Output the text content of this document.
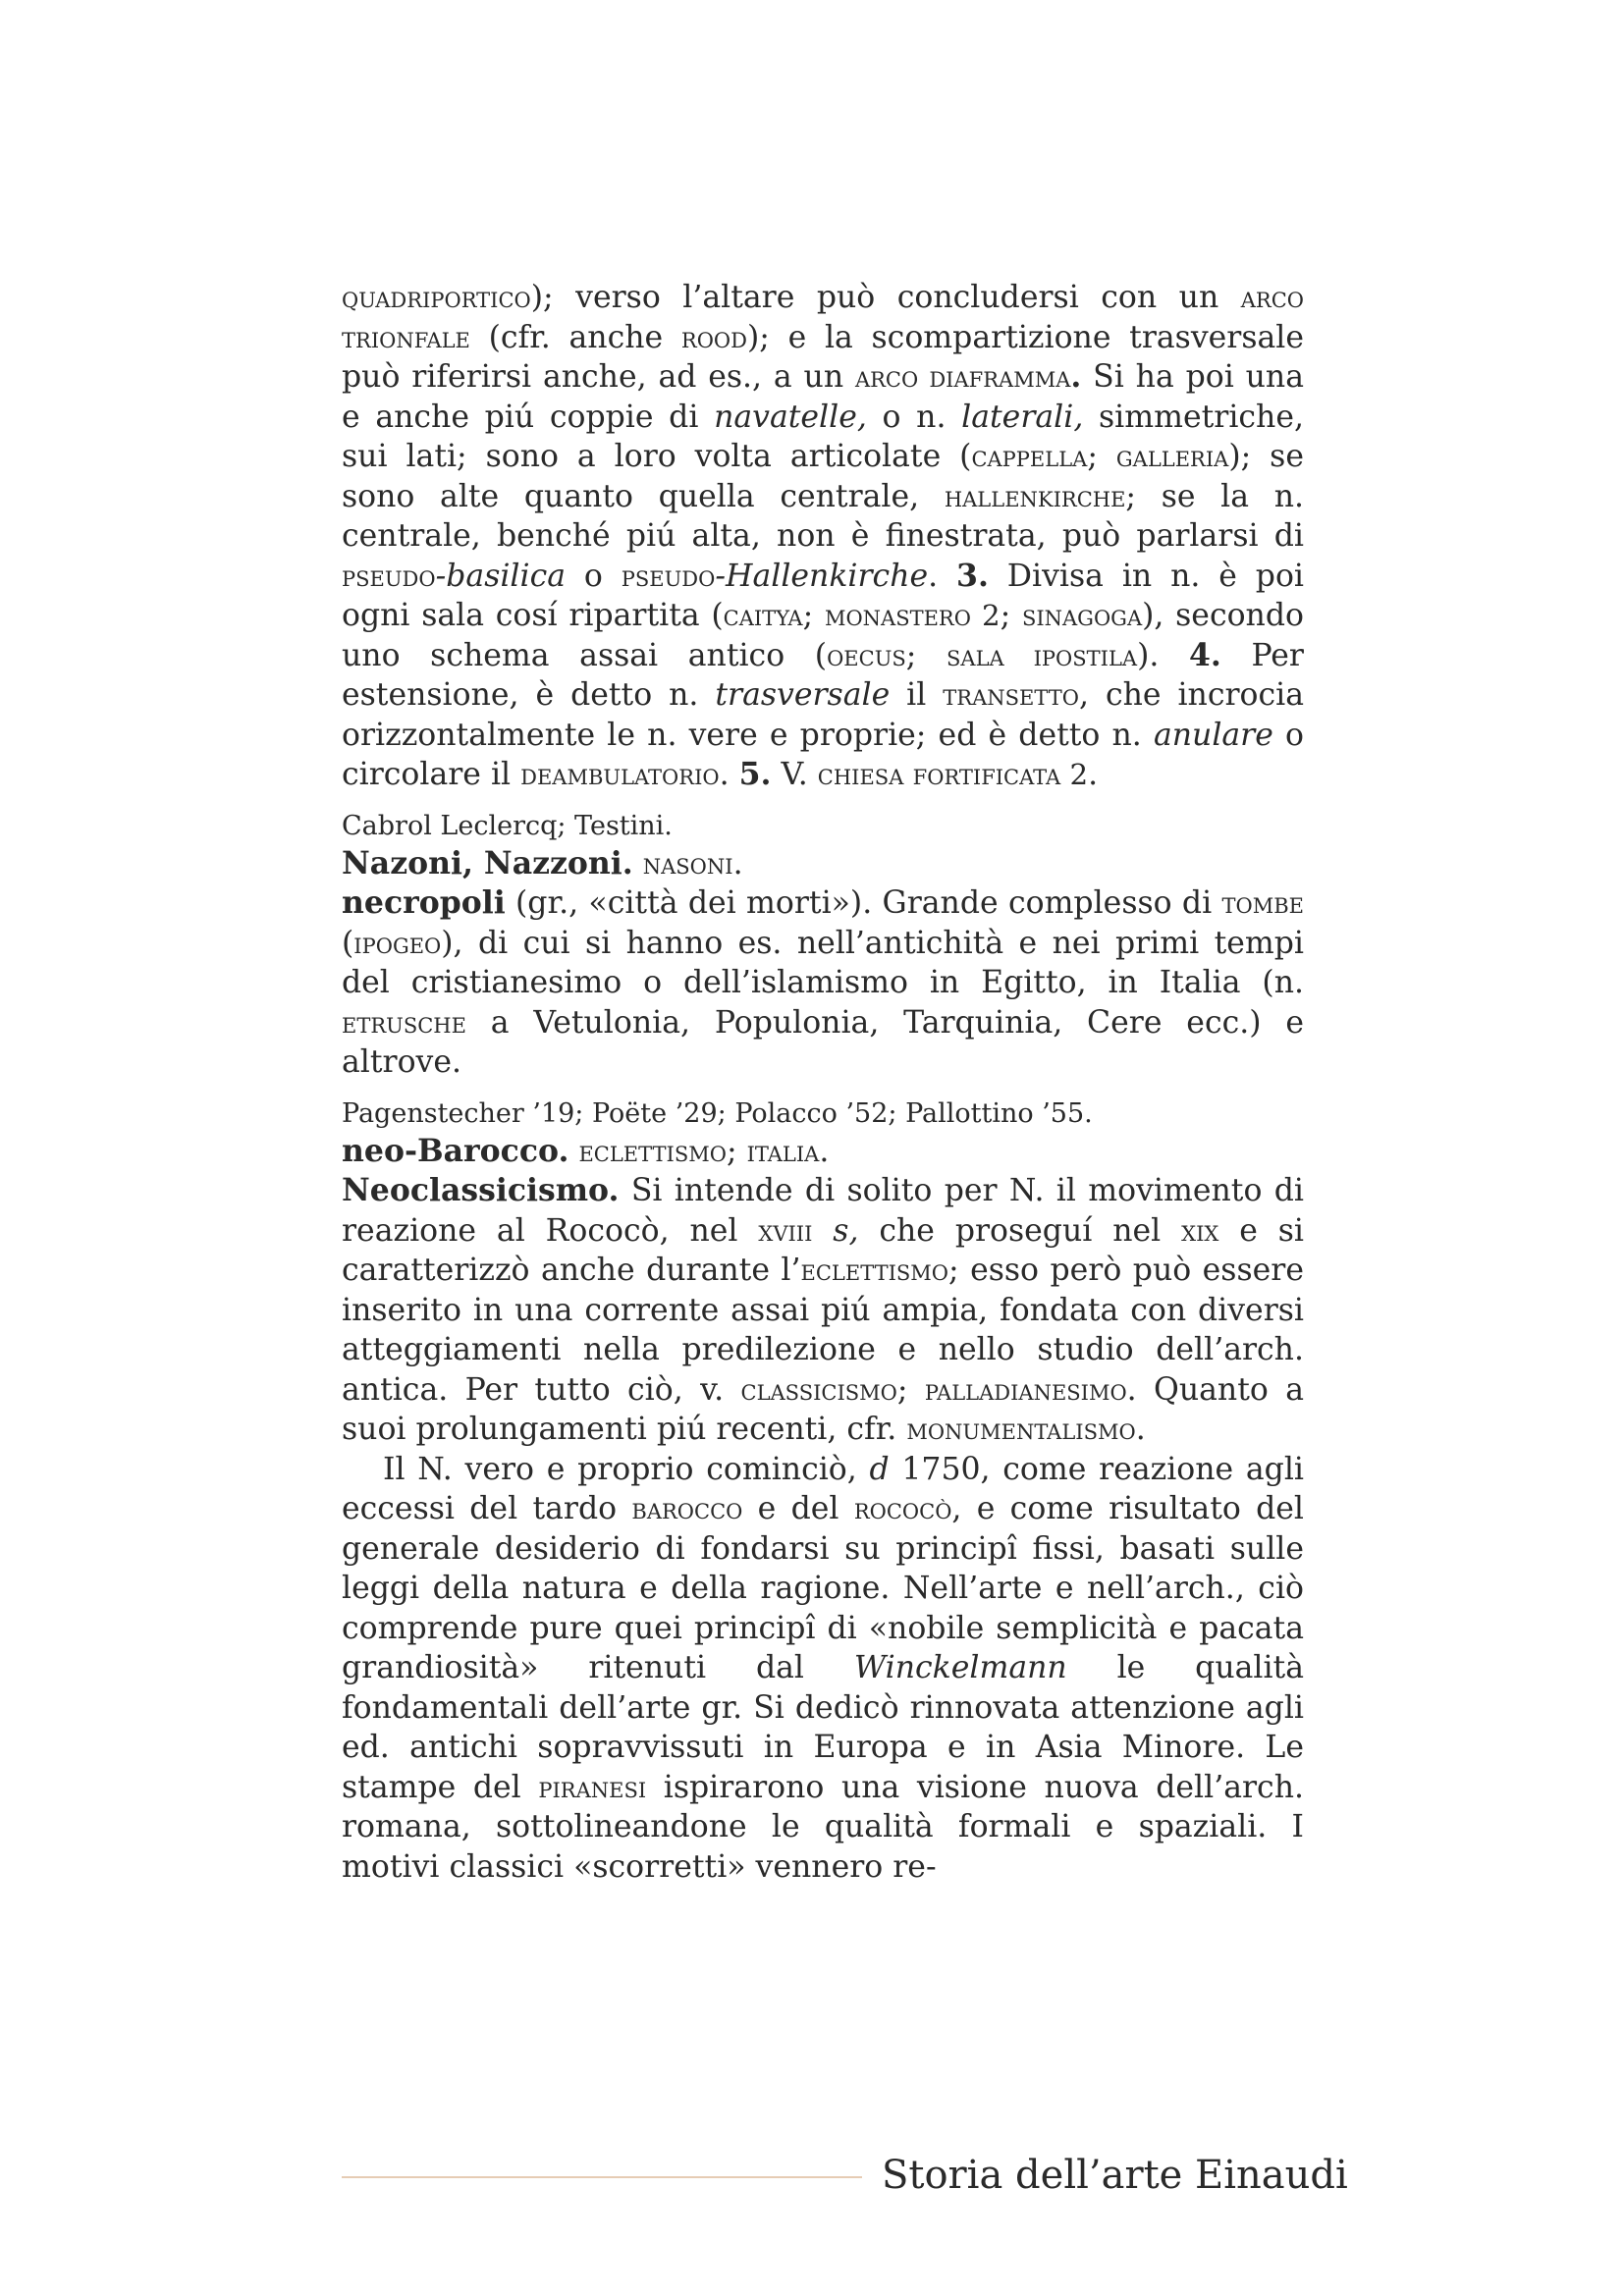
quadriportico); verso l’altare può concludersi con un arco trionfale (cfr. anche rood); e la scompartizione trasversale può riferirsi anche, ad es., a un arco diaframma. Si ha poi una e anche piú coppie di navatelle, o n. laterali, simmetriche, sui lati; sono a loro volta articolate (cappella; galleria); se sono alte quanto quella centrale, hallenkirche; se la n. centrale, benché piú alta, non è finestrata, può parlarsi di pseudo-basilica o pseudo-Hallenkirche. 3. Divisa in n. è poi ogni sala cosí ripartita (caitya; monastero 2; sinagoga), secondo uno schema assai antico (oecus; sala ipostila). 4. Per estensione, è detto n. trasversale il transetto, che incrocia orizzontalmente le n. vere e proprie; ed è detto n. anulare o circolare il deambulatorio. 5. V. chiesa fortificata 2.

Cabrol Leclercq; Testini.

Nazoni, Nazzoni. nasoni.

necropoli (gr., «città dei morti»). Grande complesso di tombe (ipogeo), di cui si hanno es. nell’antichità e nei primi tempi del cristianesimo o dell’islamismo in Egitto, in Italia (n. etrusche a Vetulonia, Populonia, Tarquinia, Cere ecc.) e altrove.

Pagenstecher ’19; Poëte ’29; Polacco ’52; Pallottino ’55.

neo-Barocco. eclettismo; italia.

Neoclassicismo. Si intende di solito per N. il movimento di reazione al Rococò, nel xviii s, che proseguí nel xix e si caratterizzò anche durante l’eclettismo; esso però può essere inserito in una corrente assai piú ampia, fondata con diversi atteggiamenti nella predilezione e nello studio dell’arch. antica. Per tutto ciò, v. classicismo; palladianesimo. Quanto a suoi prolungamenti piú recenti, cfr. monumentalismo.

Il N. vero e proprio cominciò, d 1750, come reazione agli eccessi del tardo barocco e del rococò, e come risultato del generale desiderio di fondarsi su principî fissi, basati sulle leggi della natura e della ragione. Nell’arte e nell’arch., ciò comprende pure quei principî di «nobile semplicità e pacata grandiosità» ritenuti dal Winckelmann le qualità fondamentali dell’arte gr. Si dedicò rinnovata attenzione agli ed. antichi sopravvissuti in Europa e in Asia Minore. Le stampe del piranesi ispirarono una visione nuova dell’arch. romana, sottolineandone le qualità formali e spaziali. I motivi classici «scorretti» vennero re-

Storia dell’arte Einaudi
